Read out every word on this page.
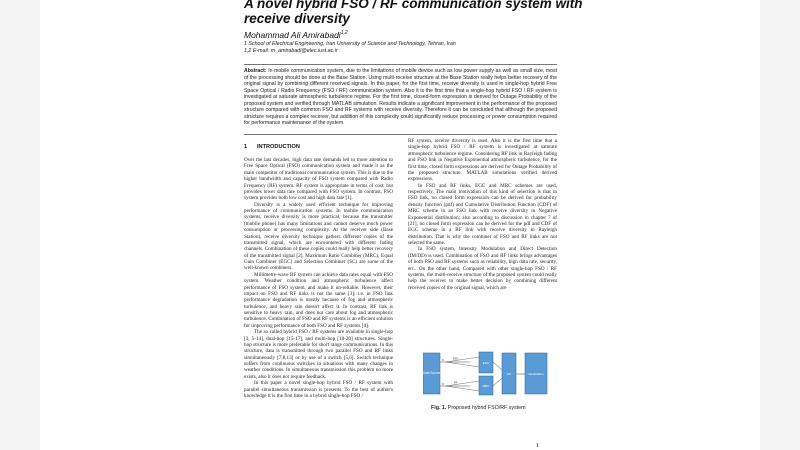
A novel hybrid FSO / RF communication system with receive diversity
Mohammad Ali Amirabadi$^{1,2}$
1 School of Electrical Engineering, Iran University of Science and Technology, Tehran, Iran
1,2 E-mail: m_amirabadi@elec.iust.ac.ir
Abstract: In mobile communication system, due to the limitations of mobile device such as low power supply as well as small size, most of the processing should be done at the Base Station. Using multi-receive structure at the Base Station really helps better recovery of the original signal by combining different received signals. In this paper, for the first time, receive diversity is used in single-hop hybrid Free Space Optical / Radio Frequency (FSO / RF) communication system. Also it is the first time that a single-hop hybrid FSO / RF system is investigated at saturate atmospheric turbulence regime. For the first time, closed-form expression is derived for Outage Probability of the proposed system and verified through MATLAB simulation. Results indicate a significant improvement in the performance of the proposed structure compared with common FSO and RF systems with receive diversity. Therefore it can be concluded that although the proposed structure requires a complex receiver, but addition of this complexity could significantly reduce processing or power consumption required for performance maintenance of the system.
1 INTRODUCTION

Over the last decades, high data rate demands led to more attention to Free Space Optical (FSO) communication system and made it as the main competitor of traditional communication system. This is due to the higher bandwidth and capacity of FSO system compared with Radio Frequency (RF) system. RF system is appropriate in terms of cost, but provides lower data rate compared with FSO system. In contrast, FSO system provides both low cost and high data rate [1].

Diversity is a widely used efficient technique for improving performance of communication systems. In mobile communication systems, receive diversity is more practical, because the transmitter (mobile phone) has many limitations and cannot deserve much power consumption or processing complexity. At the receiver side (Base Station), receive diversity technique gathers different copies of the transmitted signal, which are encountered with different fading channels. Combination of these copies could really help better recovery of the transmitted signal [2]. Maximum Ratio Combiner (MRC), Equal Gain Combiner (EGC) and Selection Combiner (SC) are some of the well-known combiners.

Millimetre-wave RF system can achieve data rates equal with FSO system. Weather condition and atmospheric turbulence affect performance of FSO system, and make it un-reliable. However, their impact on FSO and RF links is not the same [3]; i.e. in FSO link performance degradation is mostly because of fog and atmospheric turbulence, and heavy rain doesn't affect it. In contrast, RF link is sensitive to heavy rain, and does not care about fog and atmospheric turbulence. Combination of FSO and RF systems is an efficient solution for improving performance of both FSO and RF systems [4].

The so called hybrid FSO / RF systems are available in single-hop [3, 5-14], dual-hop [15-17], and multi-hop [18-20] structures. Single-hop structure is more preferable for short range communications. In this structure, data is transmitted through two parallel FSO and RF links simultaneously [7,8,13] or by use of a switch [5,6]. Switch technique suffers from continuous switches in situations with many changes in weather conditions. In simultaneous transmission this problem no more exists, also it does not require feedback.

In this paper a novel single-hop hybrid FSO / RF system with parallel simultaneous transmission is presents. To the best of author's knowledge it is the first time in a hybrid single-hop FSO /

RF system, receive diversity is used. Also it is the first time that a single-hop hybrid FSO / RF system is investigated at saturate atmospheric turbulence regime. Considering RF link in Rayleigh fading and FSO link in Negative Exponential atmospheric turbulence, for the first time, closed form expressions are derived for Outage Probability of the proposed structure. MATLAB simulations verified derived expressions.

In FSO and RF links, EGC and MRC schemes are used, respectively. The main motivation of this kind of selection is that in FSO link, no closed form expression can be derived for probability density function (pdf) and Cumulative Distribution Function (CDF) of MRC scheme in an FSO link with receive diversity in Negative Exponential distribution; also according to discussion in chapter 7 of [21], no closed form expression can be derived for the pdf and CDF of EGC scheme in a RF link with receive diversity in Rayleigh distribution. That is why the combiner of FSO and RF links are not selected the same.

In FSO system, Intensity Modulation and Direct Detection (IM/DD) is used. Combination of FSO and RF links brings advantages of both FSO and RF systems such as reliability, high data rate, security, etc.. On the other hand, Compared with other single-hop FSO / RF systems, the multi-receive structure of the proposed system could really help the receiver to make better decision by combining different received copies of the original signal, which are

Data Source
x	FSO
x	RF
EGC
MRC
SC	Destination
Fig. 1. Proposed hybrid FSO/RF system
1
